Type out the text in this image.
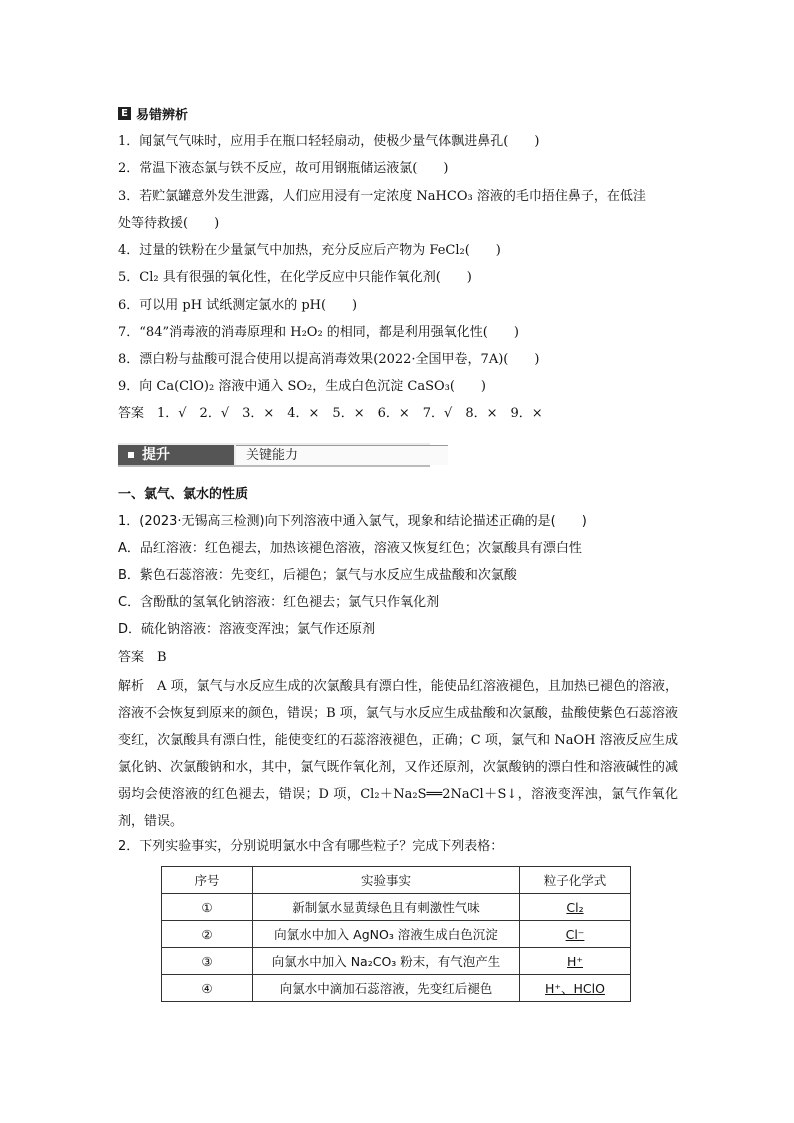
E 易错辨析
1．闻氯气气味时，应用手在瓶口轻轻扇动，使极少量气体飘进鼻孔(　　)
2．常温下液态氯与铁不反应，故可用钢瓶储运液氯(　　)
3．若贮氯罐意外发生泄露，人们应用浸有一定浓度 NaHCO₃ 溶液的毛巾捂住鼻子，在低洼
处等待救援(　　)
4．过量的铁粉在少量氯气中加热，充分反应后产物为 FeCl₂(　　)
5．Cl₂ 具有很强的氧化性，在化学反应中只能作氧化剂(　　)
6．可以用 pH 试纸测定氯水的 pH(　　)
7．“84”消毒液的消毒原理和 H₂O₂ 的相同，都是利用强氧化性(　　)
8．漂白粉与盐酸可混合使用以提高消毒效果(2022·全国甲卷，7A)(　　)
9．向 Ca(ClO)₂ 溶液中通入 SO₂，生成白色沉淀 CaSO₃(　　)
答案　1．√　2．√　3．×　4．×　5．×　6．×　7．√　8．×　9．×
提升	关键能力
一、氯气、氯水的性质
1．(2023·无锡高三检测)向下列溶液中通入氯气，现象和结论描述正确的是(　　)
A．品红溶液：红色褪去，加热该褪色溶液，溶液又恢复红色；次氯酸具有漂白性
B．紫色石蕊溶液：先变红，后褪色；氯气与水反应生成盐酸和次氯酸
C．含酚酞的氢氧化钠溶液：红色褪去；氯气只作氧化剂
D．硫化钠溶液：溶液变浑浊；氯气作还原剂
答案　B
解析　A 项，氯气与水反应生成的次氯酸具有漂白性，能使品红溶液褪色，且加热已褪色的溶液，溶液不会恢复到原来的颜色，错误；B 项，氯气与水反应生成盐酸和次氯酸，盐酸使紫色石蕊溶液变红，次氯酸具有漂白性，能使变红的石蕊溶液褪色，正确；C 项，氯气和 NaOH 溶液反应生成氯化钠、次氯酸钠和水，其中，氯气既作氧化剂，又作还原剂，次氯酸钠的漂白性和溶液碱性的减弱均会使溶液的红色褪去，错误；D 项，Cl₂＋Na₂S══2NaCl＋S↓，溶液变浑浊，氯气作氧化剂，错误。
2．下列实验事实，分别说明氯水中含有哪些粒子？完成下列表格：
序号	实验事实	粒子化学式
①	新制氯水显黄绿色且有刺激性气味	Cl₂
②	向氯水中加入 AgNO₃ 溶液生成白色沉淀	Cl⁻
③	向氯水中加入 Na₂CO₃ 粉末，有气泡产生	H⁺
④	向氯水中滴加石蕊溶液，先变红后褪色	H⁺、HClO
